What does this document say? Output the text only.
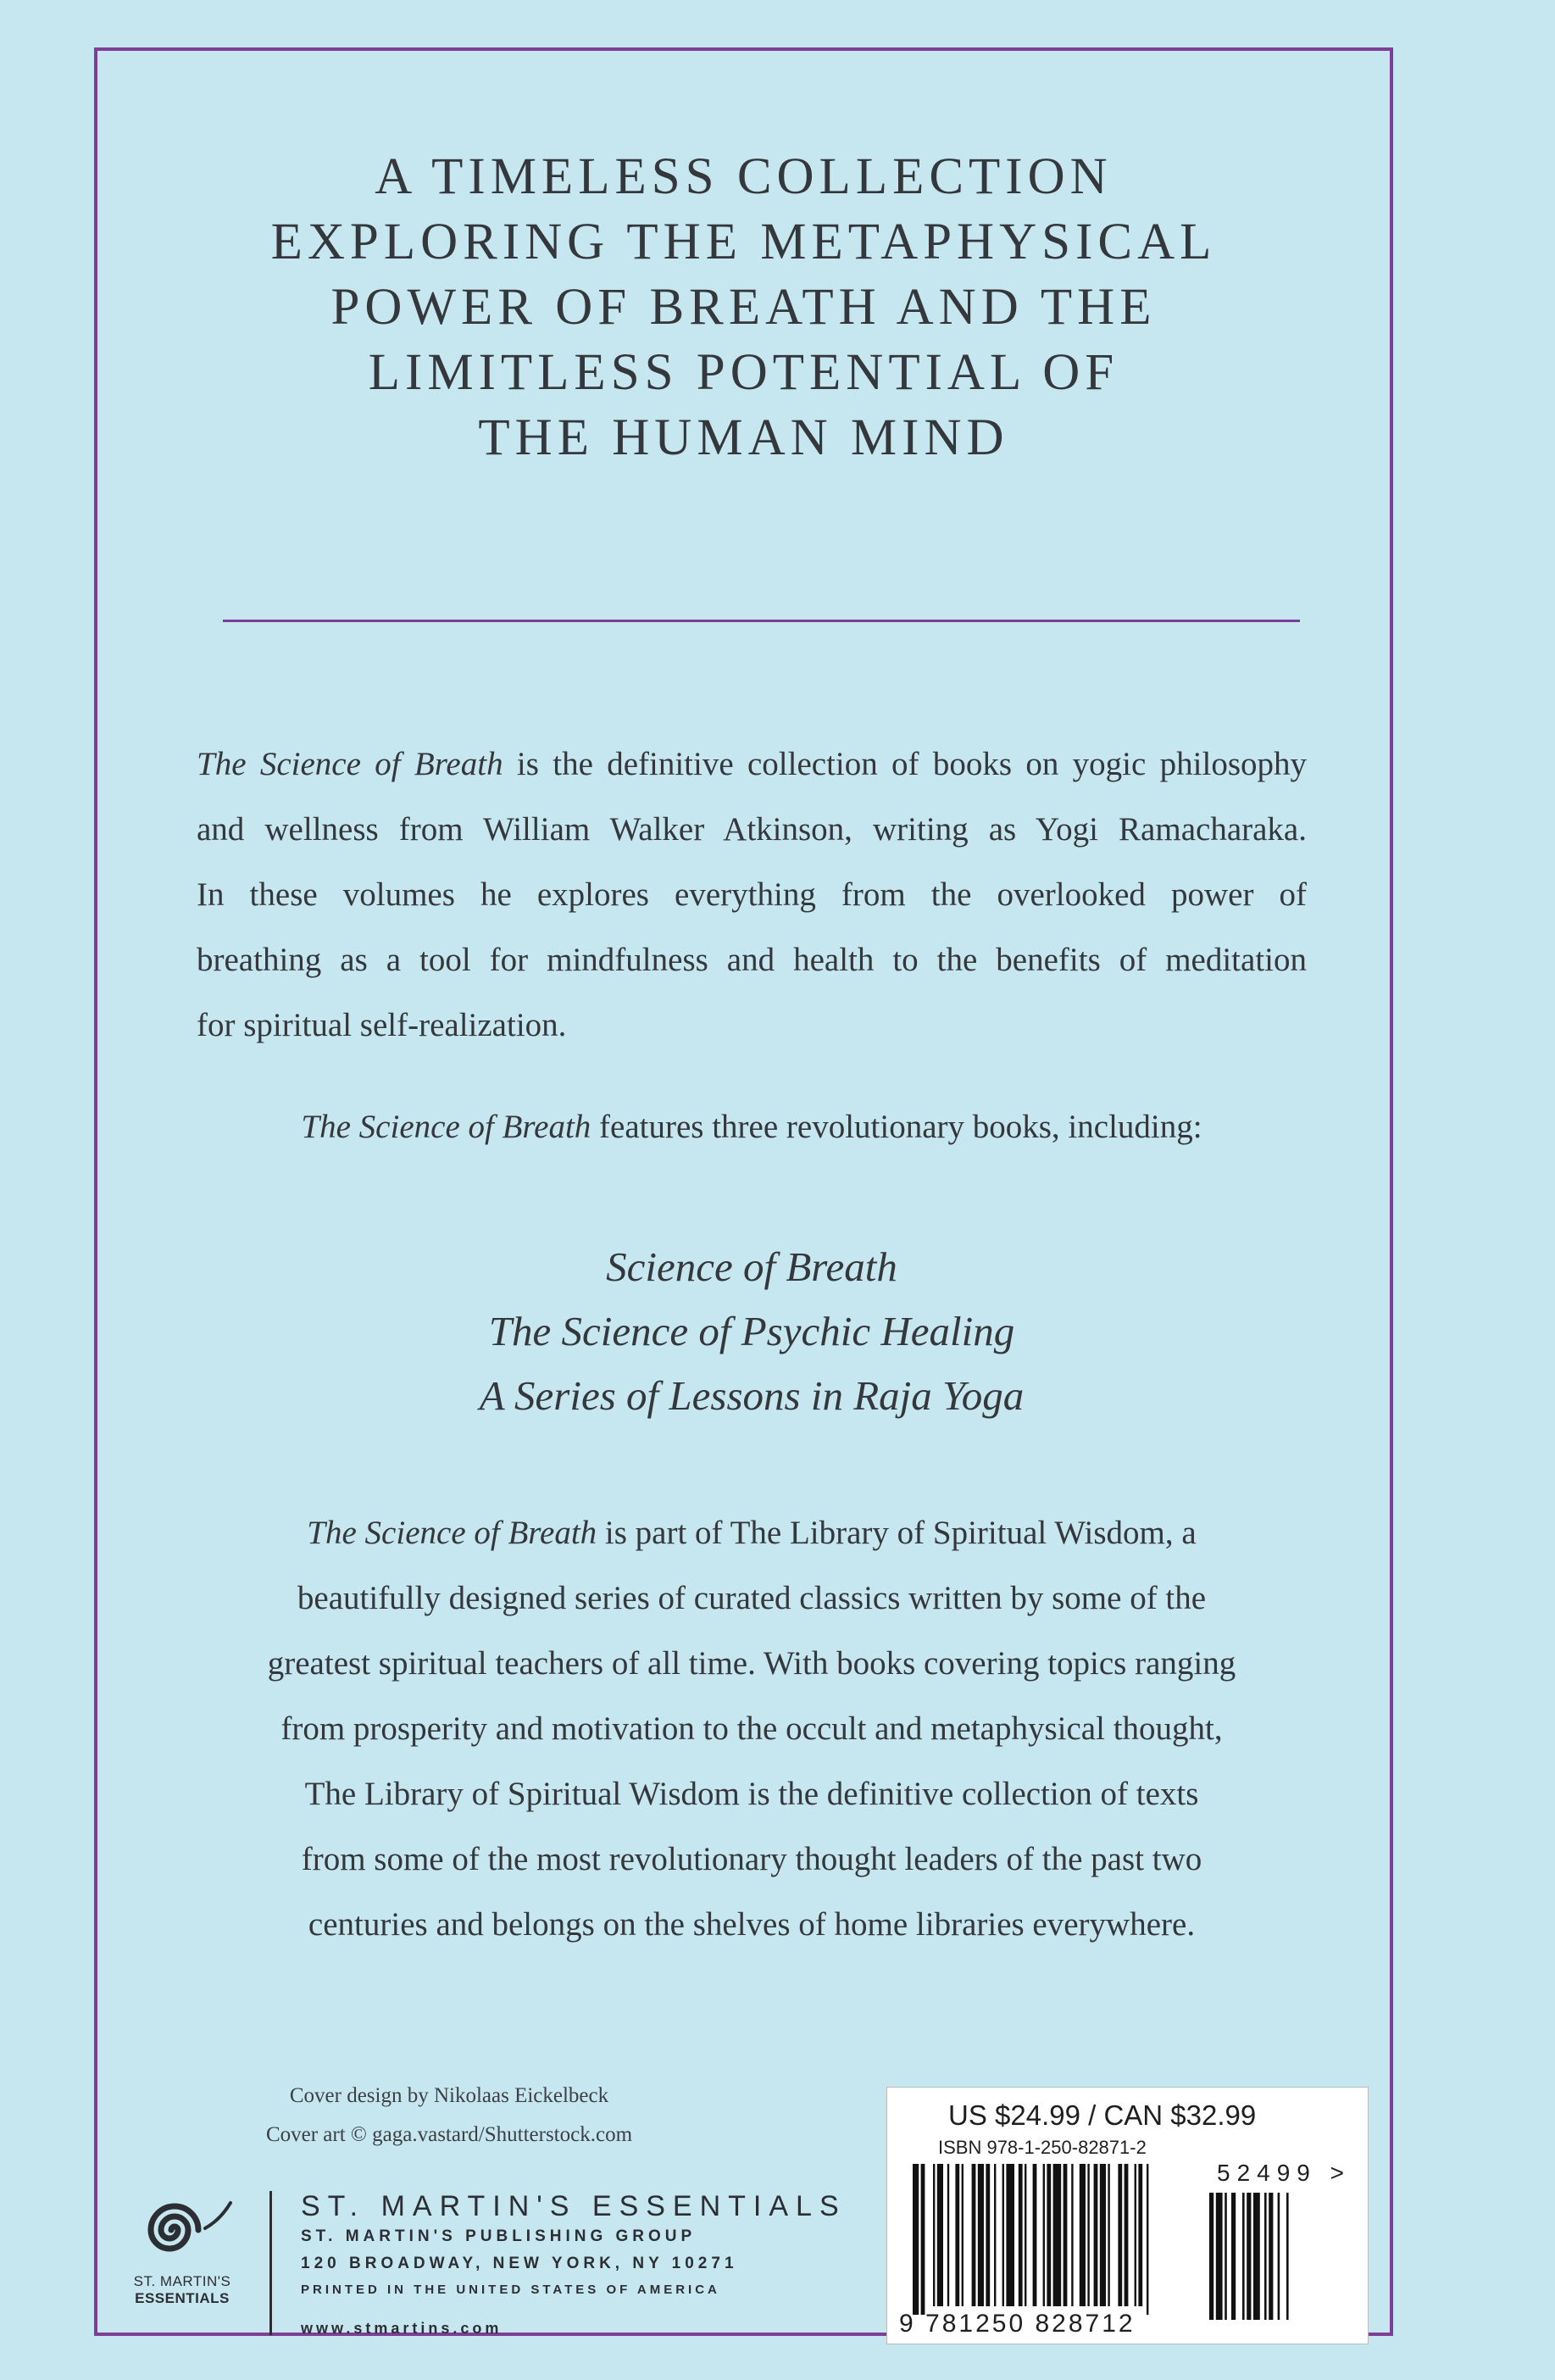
A TIMELESS COLLECTION
EXPLORING THE METAPHYSICAL
POWER OF BREATH AND THE
LIMITLESS POTENTIAL OF
THE HUMAN MIND

The Science of Breath is the definitive collection of books on yogic philosophy
and wellness from William Walker Atkinson, writing as Yogi Ramacharaka.
In these volumes he explores everything from the overlooked power of
breathing as a tool for mindfulness and health to the benefits of meditation
for spiritual self-realization.

The Science of Breath features three revolutionary books, including:

Science of Breath
The Science of Psychic Healing
A Series of Lessons in Raja Yoga

The Science of Breath is part of The Library of Spiritual Wisdom, a
beautifully designed series of curated classics written by some of the
greatest spiritual teachers of all time. With books covering topics ranging
from prosperity and motivation to the occult and metaphysical thought,
The Library of Spiritual Wisdom is the definitive collection of texts
from some of the most revolutionary thought leaders of the past two
centuries and belongs on the shelves of home libraries everywhere.

Cover design by Nikolaas Eickelbeck
Cover art © gaga.vastard/Shutterstock.com
ST. MARTIN'S
ESSENTIALS
ST. MARTIN'S ESSENTIALS
ST. MARTIN'S PUBLISHING GROUP
120 BROADWAY, NEW YORK, NY 10271
PRINTED IN THE UNITED STATES OF AMERICA
www.stmartins.com
US $24.99 / CAN $32.99
ISBN 978-1-250-82871-2
52499 >
9 781250 828712
